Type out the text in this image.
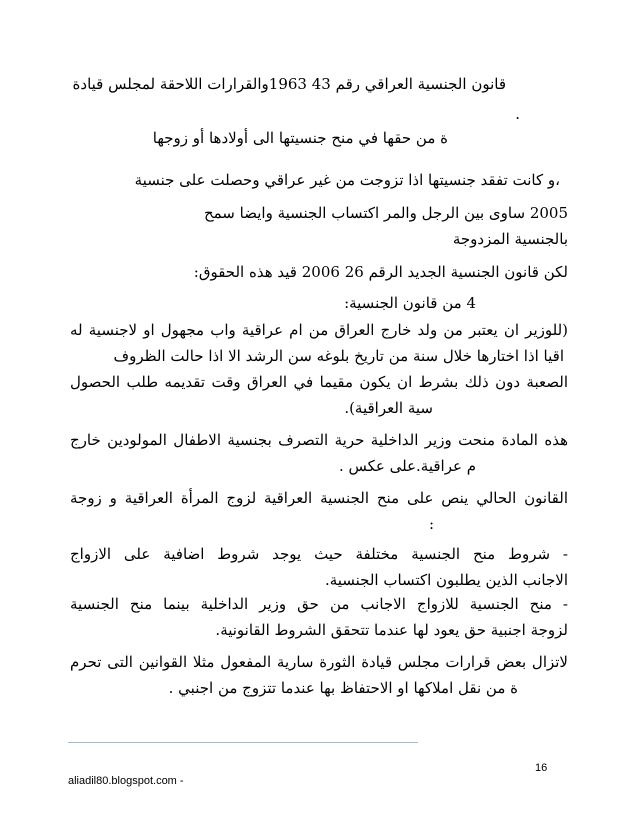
قانون الجنسية العراقي رقم 43 1963والقرارات اللاحقة لمجلس قيادة
.
ة من حقها في منح جنسيتها الى أولادها أو زوجها
،و كانت تفقد جنسيتها اذا تزوجت من غير عراقي وحصلت على جنسية
2005 ساوى بين الرجل والمر اكتساب الجنسية وايضا سمح
بالجنسية المزدوجة
لكن قانون الجنسية الجديد الرقم 26 2006 قيد هذه الحقوق:
4 من قانون الجنسية:
(للوزير ان يعتبر من ولد خارج العراق من ام عراقية واب مجهول او لاجنسية له
اقيا اذا اختارها خلال سنة من تاريخ بلوغه سن الرشد الا اذا حالت الظروف
الصعبة دون ذلك بشرط ان يكون مقيما في العراق وقت تقديمه طلب الحصول
سية العراقية).
هذه المادة منحت وزير الداخلية حرية التصرف بجنسية الاطفال المولودين خارج
م عراقية.على عكس .
القانون الحالي ينص على منح الجنسية العراقية لزوج المرأة العراقية و زوجة
:
- شروط منح الجنسية مختلفة حيث يوجد شروط اضافية على الازواج
الاجانب الذين يطلبون اكتساب الجنسية.
- منح الجنسية للازواج الاجانب من حق وزير الداخلية بينما منح الجنسية
لزوجة اجنبية حق يعود لها عندما تتحقق الشروط القانونية.
لاتزال بعض قرارات مجلس قيادة الثورة سارية المفعول مثلا القوانين التى تحرم
ة من نقل املاكها او الاحتفاظ بها عندما تتزوج من اجنبي .
16
aliadil80.blogspot.com -
